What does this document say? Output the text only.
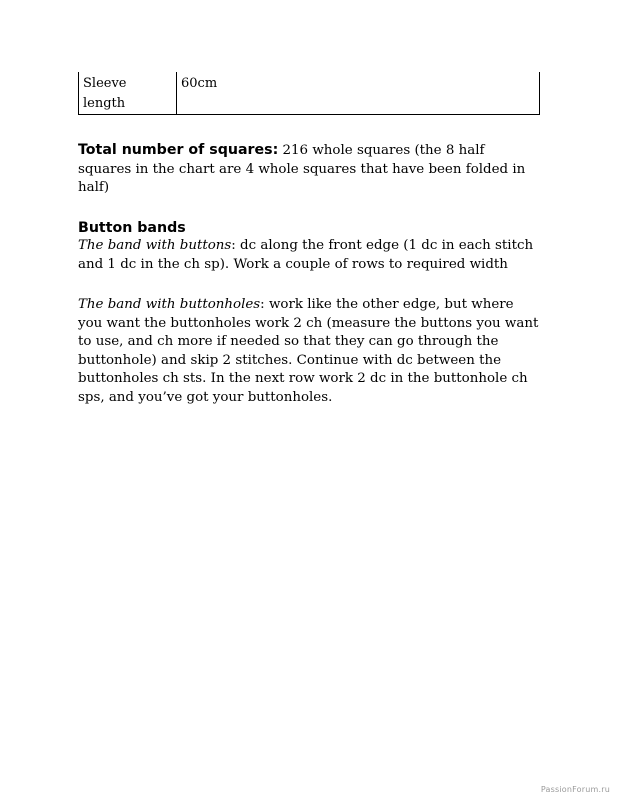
Sleeve
length	60cm

Total number of squares: 216 whole squares (the 8 half squares in the chart are 4 whole squares that have been folded in half)

Button bands

The band with buttons: dc along the front edge (1 dc in each stitch and 1 dc in the ch sp). Work a couple of rows to required width

The band with buttonholes: work like the other edge, but where you want the buttonholes work 2 ch (measure the buttons you want to use, and ch more if needed so that they can go through the buttonhole) and skip 2 stitches. Continue with dc between the buttonholes ch sts. In the next row work 2 dc in the buttonhole ch sps, and you’ve got your buttonholes.

PassionForum.ru
